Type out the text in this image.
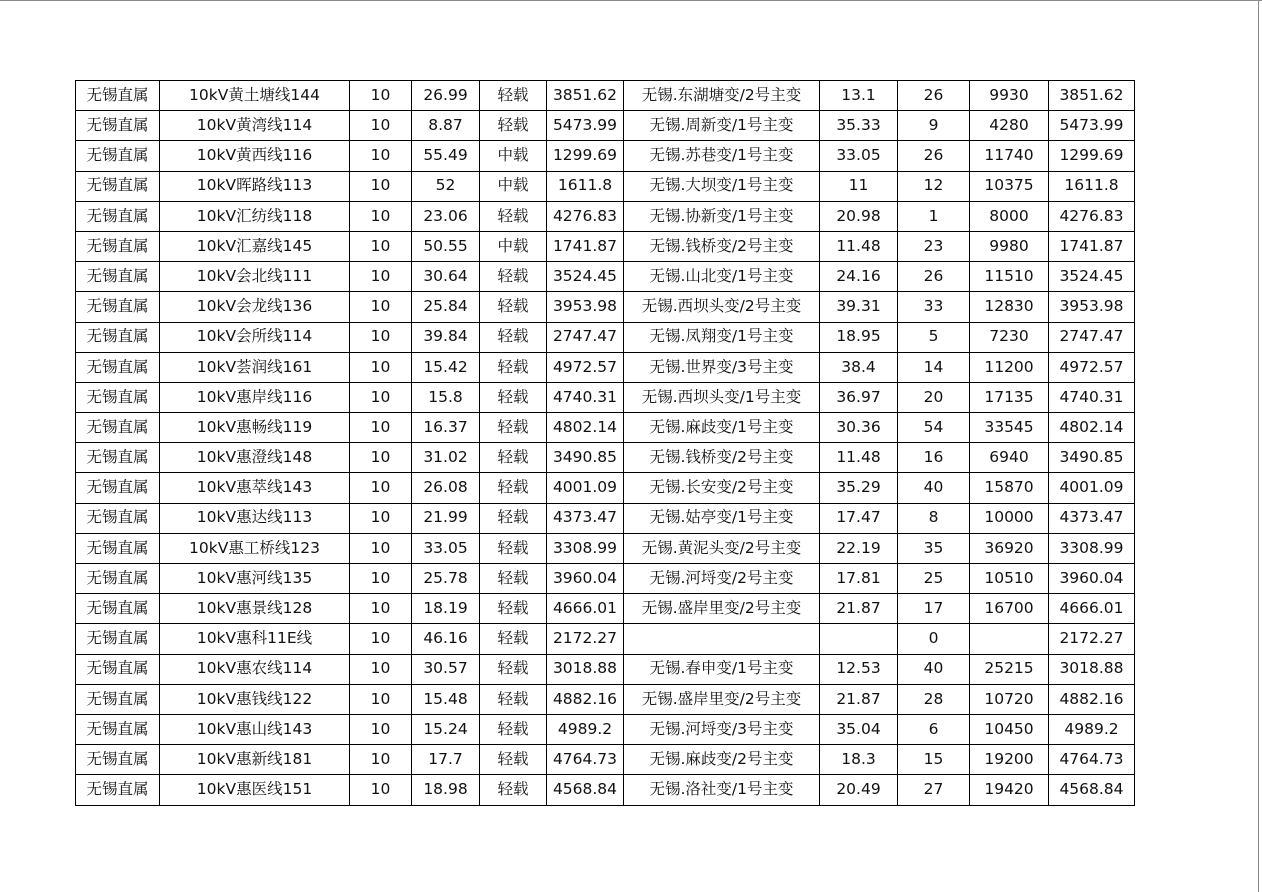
无锡直属	10kV黄土塘线144	10	26.99	轻载	3851.62	无锡.东湖塘变/2号主变	13.1	26	9930	3851.62
无锡直属	10kV黄湾线114	10	8.87	轻载	5473.99	无锡.周新变/1号主变	35.33	9	4280	5473.99
无锡直属	10kV黄西线116	10	55.49	中载	1299.69	无锡.苏巷变/1号主变	33.05	26	11740	1299.69
无锡直属	10kV晖路线113	10	52	中载	1611.8	无锡.大坝变/1号主变	11	12	10375	1611.8
无锡直属	10kV汇纺线118	10	23.06	轻载	4276.83	无锡.协新变/1号主变	20.98	1	8000	4276.83
无锡直属	10kV汇嘉线145	10	50.55	中载	1741.87	无锡.钱桥变/2号主变	11.48	23	9980	1741.87
无锡直属	10kV会北线111	10	30.64	轻载	3524.45	无锡.山北变/1号主变	24.16	26	11510	3524.45
无锡直属	10kV会龙线136	10	25.84	轻载	3953.98	无锡.西坝头变/2号主变	39.31	33	12830	3953.98
无锡直属	10kV会所线114	10	39.84	轻载	2747.47	无锡.凤翔变/1号主变	18.95	5	7230	2747.47
无锡直属	10kV荟润线161	10	15.42	轻载	4972.57	无锡.世界变/3号主变	38.4	14	11200	4972.57
无锡直属	10kV惠岸线116	10	15.8	轻载	4740.31	无锡.西坝头变/1号主变	36.97	20	17135	4740.31
无锡直属	10kV惠畅线119	10	16.37	轻载	4802.14	无锡.麻歧变/1号主变	30.36	54	33545	4802.14
无锡直属	10kV惠澄线148	10	31.02	轻载	3490.85	无锡.钱桥变/2号主变	11.48	16	6940	3490.85
无锡直属	10kV惠萃线143	10	26.08	轻载	4001.09	无锡.长安变/2号主变	35.29	40	15870	4001.09
无锡直属	10kV惠达线113	10	21.99	轻载	4373.47	无锡.姑亭变/1号主变	17.47	8	10000	4373.47
无锡直属	10kV惠工桥线123	10	33.05	轻载	3308.99	无锡.黄泥头变/2号主变	22.19	35	36920	3308.99
无锡直属	10kV惠河线135	10	25.78	轻载	3960.04	无锡.河埒变/2号主变	17.81	25	10510	3960.04
无锡直属	10kV惠景线128	10	18.19	轻载	4666.01	无锡.盛岸里变/2号主变	21.87	17	16700	4666.01
无锡直属	10kV惠科11E线	10	46.16	轻载	2172.27			0		2172.27
无锡直属	10kV惠农线114	10	30.57	轻载	3018.88	无锡.春申变/1号主变	12.53	40	25215	3018.88
无锡直属	10kV惠钱线122	10	15.48	轻载	4882.16	无锡.盛岸里变/2号主变	21.87	28	10720	4882.16
无锡直属	10kV惠山线143	10	15.24	轻载	4989.2	无锡.河埒变/3号主变	35.04	6	10450	4989.2
无锡直属	10kV惠新线181	10	17.7	轻载	4764.73	无锡.麻歧变/2号主变	18.3	15	19200	4764.73
无锡直属	10kV惠医线151	10	18.98	轻载	4568.84	无锡.洛社变/1号主变	20.49	27	19420	4568.84
